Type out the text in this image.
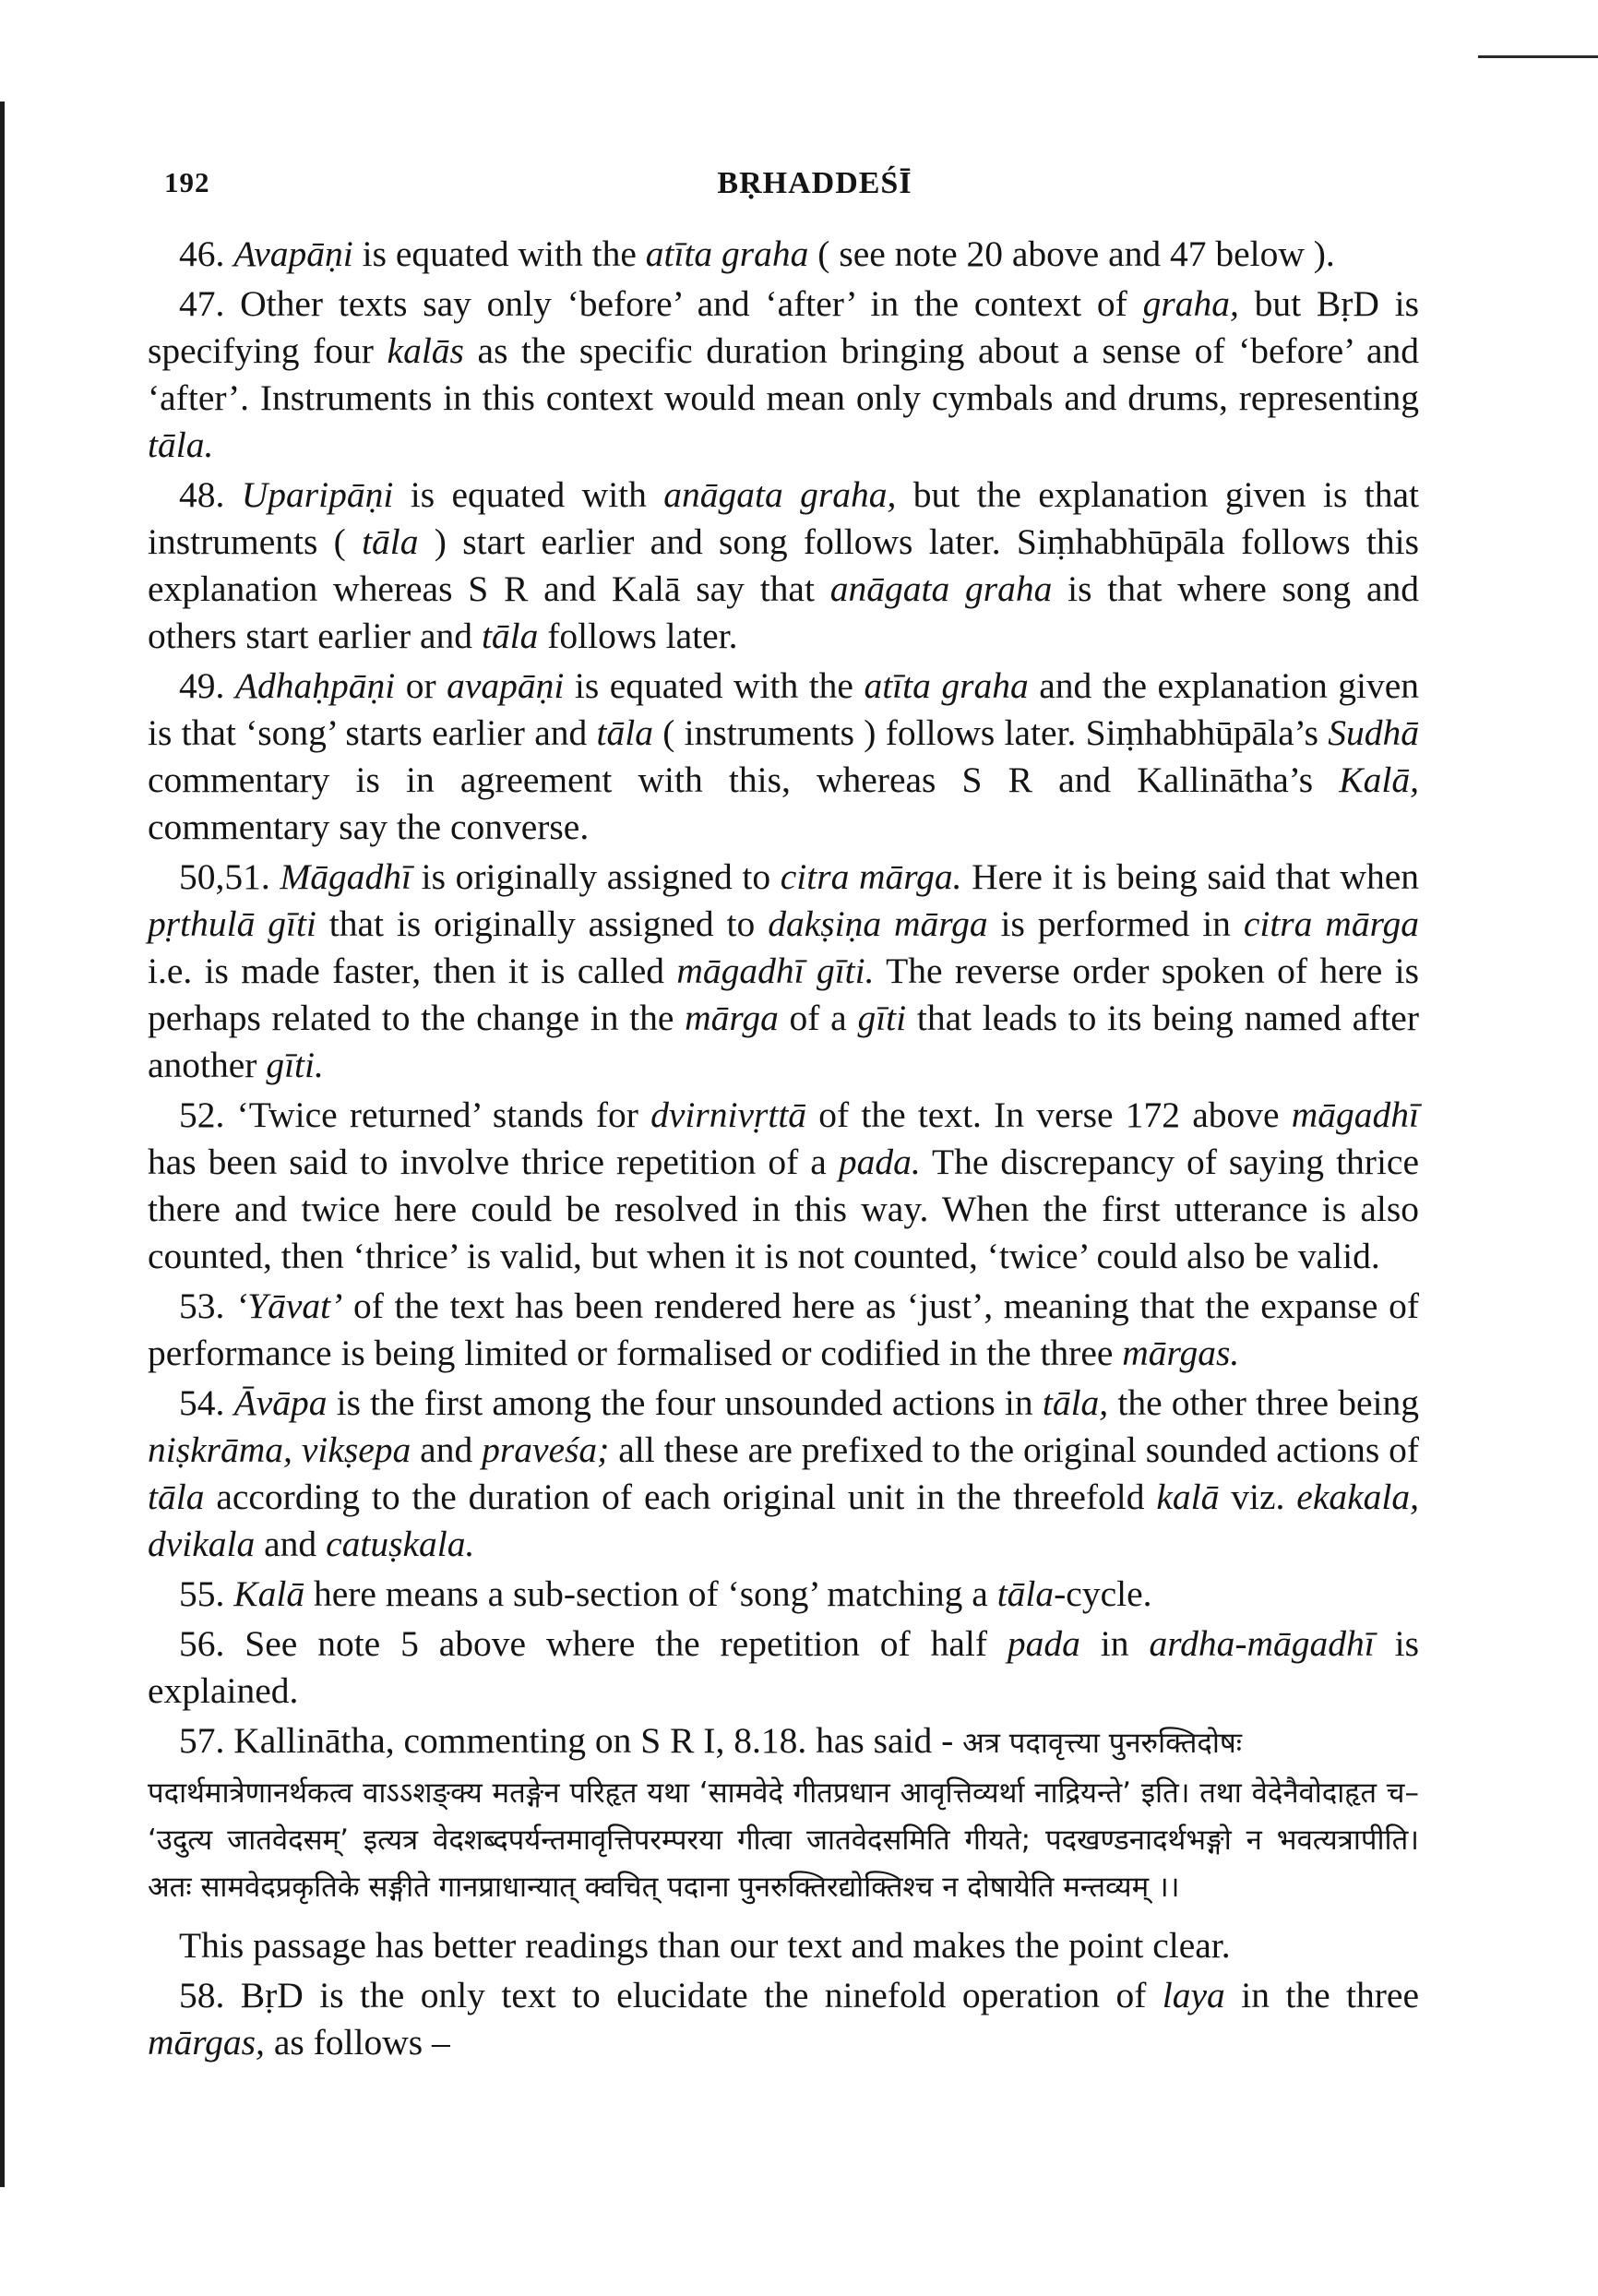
192	BṚHADDEŚĪ

46. Avapāṇi is equated with the atīta graha ( see note 20 above and 47 below ).

47. Other texts say only ‘before’ and ‘after’ in the context of graha, but BṛD is specifying four kalās as the specific duration bringing about a sense of ‘before’ and ‘after’. Instruments in this context would mean only cymbals and drums, representing tāla.

48. Uparipāṇi is equated with anāgata graha, but the explanation given is that instruments ( tāla ) start earlier and song follows later. Siṃhabhūpāla follows this explanation whereas S R and Kalā say that anāgata graha is that where song and others start earlier and tāla follows later.

49. Adhaḥpāṇi or avapāṇi is equated with the atīta graha and the explanation given is that ‘song’ starts earlier and tāla ( instruments ) follows later. Siṃhabhūpāla’s Sudhā commentary is in agreement with this, whereas S R and Kallinātha’s Kalā, commentary say the converse.

50,51. Māgadhī is originally assigned to citra mārga. Here it is being said that when pṛthulā gīti that is originally assigned to dakṣiṇa mārga is performed in citra mārga i.e. is made faster, then it is called māgadhī gīti. The reverse order spoken of here is perhaps related to the change in the mārga of a gīti that leads to its being named after another gīti.

52. ‘Twice returned’ stands for dvirnivṛttā of the text. In verse 172 above māgadhī has been said to involve thrice repetition of a pada. The discrepancy of saying thrice there and twice here could be resolved in this way. When the first utterance is also counted, then ‘thrice’ is valid, but when it is not counted, ‘twice’ could also be valid.

53. ‘Yāvat’ of the text has been rendered here as ‘just’, meaning that the expanse of performance is being limited or formalised or codified in the three mārgas.

54. Āvāpa is the first among the four unsounded actions in tāla, the other three being niṣkrāma, vikṣepa and praveśa; all these are prefixed to the original sounded actions of tāla according to the duration of each original unit in the threefold kalā viz. ekakala, dvikala and catuṣkala.

55. Kalā here means a sub-section of ‘song’ matching a tāla-cycle.

56. See note 5 above where the repetition of half pada in ardha-māgadhī is explained.

57. Kallinātha, commenting on S R I, 8.18. has said - अत्र पदावृत्त्या पुनरुक्तिदोषः

पदार्थमात्रेणानर्थकत्व वाऽऽशङ्क्य मतङ्गेन परिहृत यथा ‘सामवेदे गीतप्रधान आवृत्तिव्यर्था नाद्रियन्ते’ इति। तथा वेदेनैवोदाहृत च– ‘उदुत्य जातवेदसम्’ इत्यत्र वेदशब्दपर्यन्तमावृत्तिपरम्परया गीत्वा जातवेदसमिति गीयते; पदखण्डनादर्थभङ्गो न भवत्यत्रापीति। अतः सामवेदप्रकृतिके सङ्गीते गानप्राधान्यात् क्वचित् पदाना पुनरुक्तिरद्योक्तिश्च न दोषायेति मन्तव्यम् ।।

This passage has better readings than our text and makes the point clear.

58. BṛD is the only text to elucidate the ninefold operation of laya in the three mārgas, as follows –
